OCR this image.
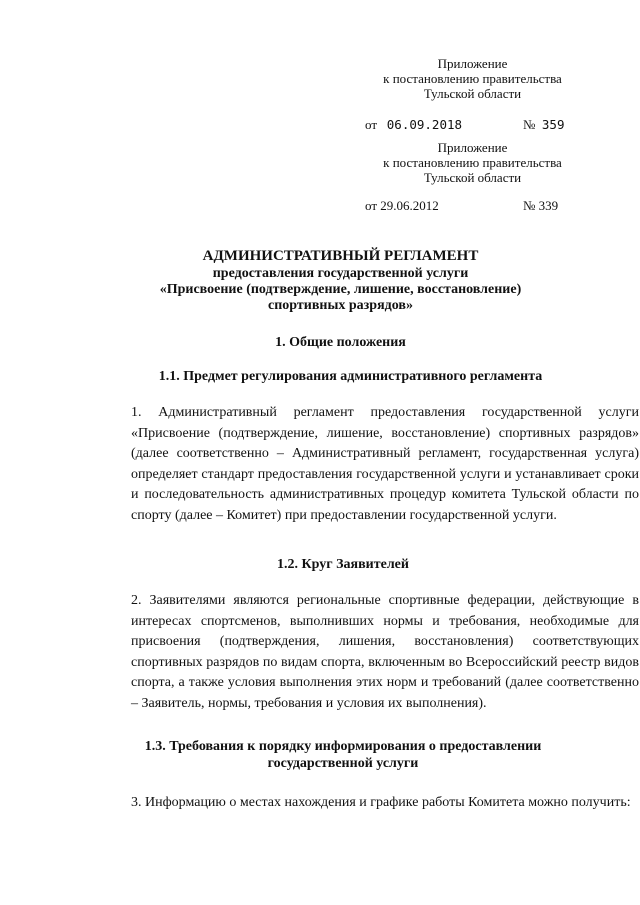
Приложение
к постановлению правительства
Тульской области
от 06.09.2018	№ 359
Приложение
к постановлению правительства
Тульской области
от 29.06.2012	№ 339
АДМИНИСТРАТИВНЫЙ РЕГЛАМЕНТ
предоставления государственной услуги
«Присвоение (подтверждение, лишение, восстановление)
спортивных разрядов»
1. Общие положения
1.1. Предмет регулирования административного регламента
1. Административный регламент предоставления государственной услуги «Присвоение (подтверждение, лишение, восстановление) спортивных разрядов» (далее соответственно – Административный регламент, государственная услуга) определяет стандарт предоставления государственной услуги и устанавливает сроки и последовательность административных процедур комитета Тульской области по спорту (далее – Комитет) при предоставлении государственной услуги.
1.2. Круг Заявителей
2. Заявителями являются региональные спортивные федерации, действующие в интересах спортсменов, выполнивших нормы и требования, необходимые для присвоения (подтверждения, лишения, восстановления) соответствующих спортивных разрядов по видам спорта, включенным во Всероссийский реестр видов спорта, а также условия выполнения этих норм и требований (далее соответственно – Заявитель, нормы, требования и условия их выполнения).
1.3. Требования к порядку информирования о предоставлении
государственной услуги
3. Информацию о местах нахождения и графике работы Комитета можно получить:
